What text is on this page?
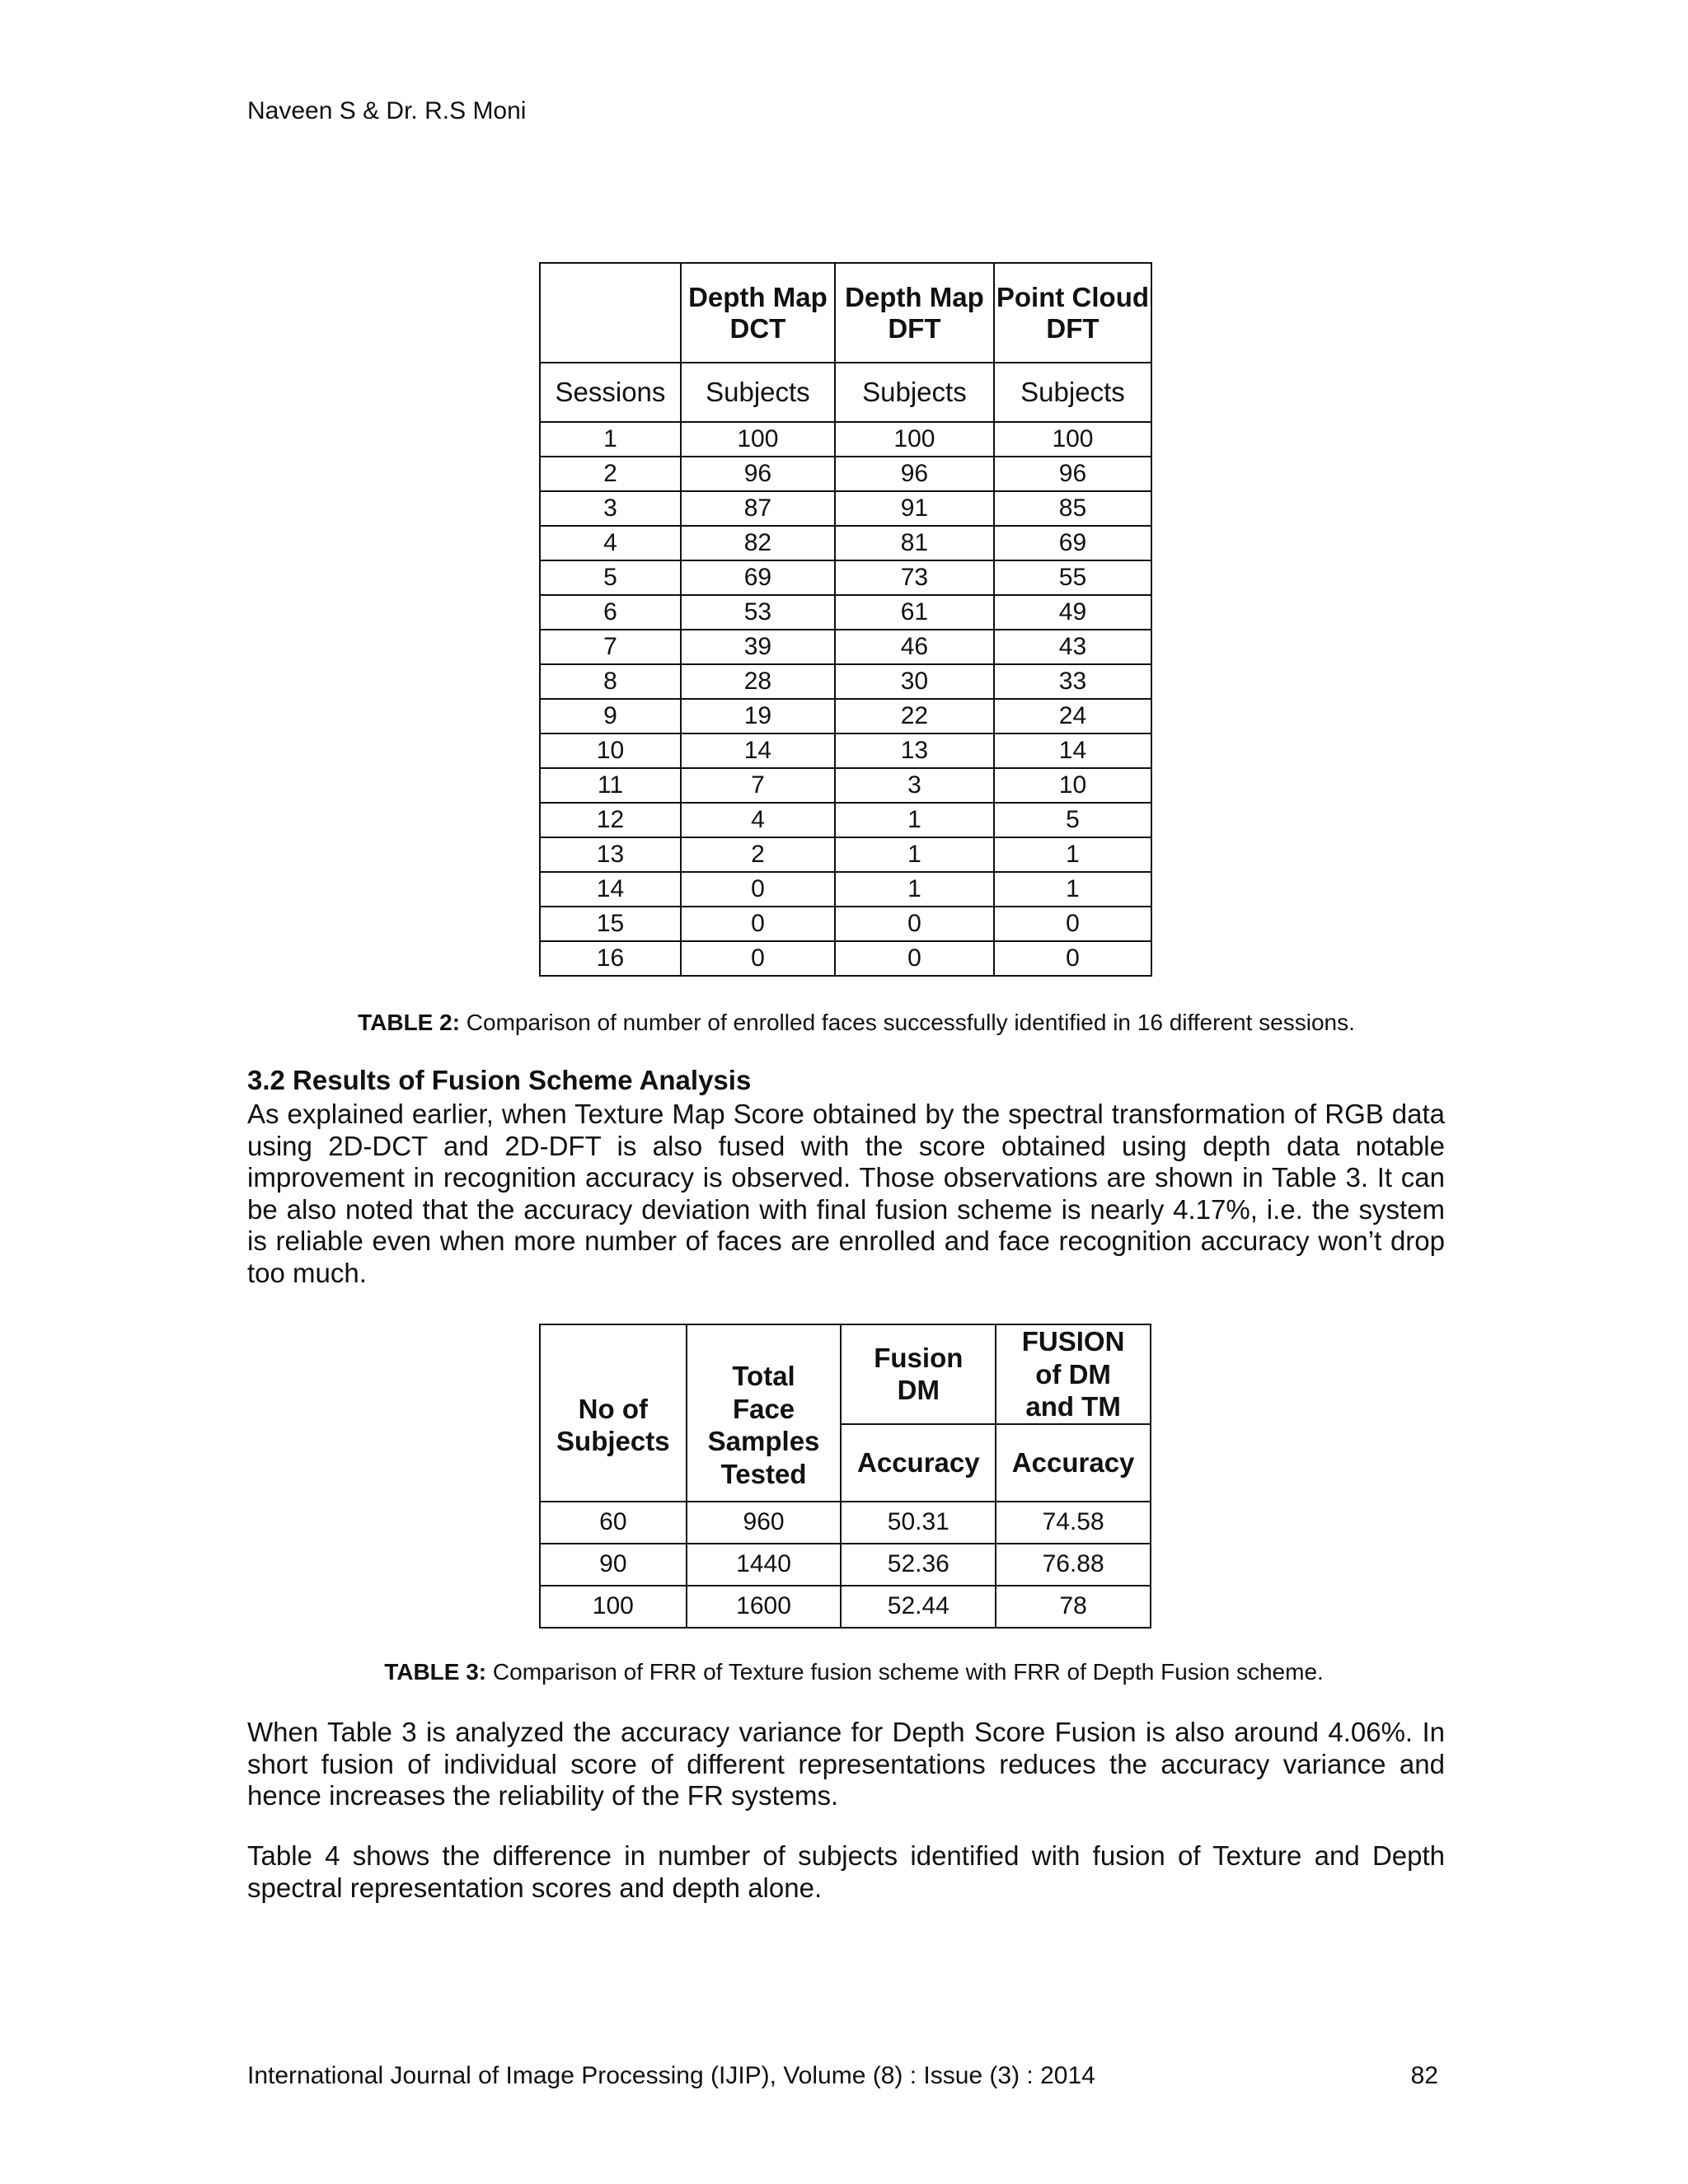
Naveen S & Dr. R.S Moni
	Depth Map DCT	Depth Map DFT	Point Cloud DFT
Sessions	Subjects	Subjects	Subjects
1	100	100	100
2	96	96	96
3	87	91	85
4	82	81	69
5	69	73	55
6	53	61	49
7	39	46	43
8	28	30	33
9	19	22	24
10	14	13	14
11	7	3	10
12	4	1	5
13	2	1	1
14	0	1	1
15	0	0	0
16	0	0	0
TABLE 2: Comparison of number of enrolled faces successfully identified in 16 different sessions.
3.2 Results of Fusion Scheme Analysis

As explained earlier, when Texture Map Score obtained by the spectral transformation of RGB data using 2D-DCT and 2D-DFT is also fused with the score obtained using depth data notable improvement in recognition accuracy is observed. Those observations are shown in Table 3. It can be also noted that the accuracy deviation with final fusion scheme is nearly 4.17%, i.e. the system is reliable even when more number of faces are enrolled and face recognition accuracy won’t drop too much.

No of Subjects	Total Face Samples Tested	Fusion DM	FUSION of DM and TM
		Accuracy	Accuracy
60	960	50.31	74.58
90	1440	52.36	76.88
100	1600	52.44	78
TABLE 3: Comparison of FRR of Texture fusion scheme with FRR of Depth Fusion scheme.

When Table 3 is analyzed the accuracy variance for Depth Score Fusion is also around 4.06%. In short fusion of individual score of different representations reduces the accuracy variance and hence increases the reliability of the FR systems.

Table 4 shows the difference in number of subjects identified with fusion of Texture and Depth spectral representation scores and depth alone.

International Journal of Image Processing (IJIP), Volume (8) : Issue (3) : 2014	82
